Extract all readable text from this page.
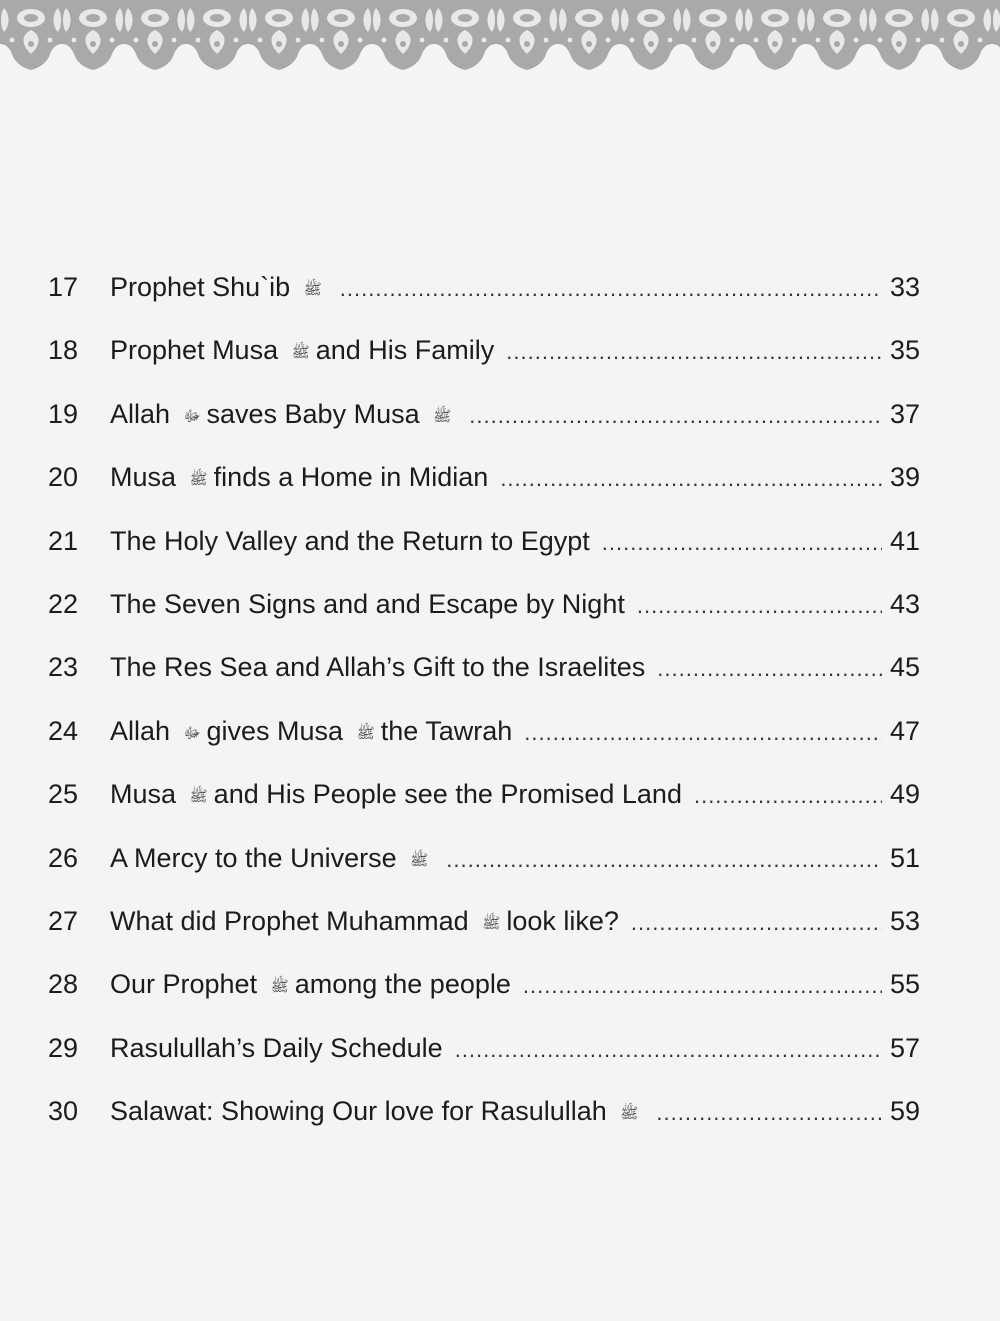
17	Prophet Shu`ib ﷺ .....	33
18	Prophet Musa ﷺ and His Family .....	35
19	Allah ﷻ saves Baby Musa ﷺ .....	37
20	Musa ﷺ finds a Home in Midian .....	39
21	The Holy Valley and the Return to Egypt .....	41
22	The Seven Signs and and Escape by Night .....	43
23	The Res Sea and Allah’s Gift to the Israelites .....	45
24	Allah ﷻ gives Musa ﷺ the Tawrah .....	47
25	Musa ﷺ and His People see the Promised Land .....	49
26	A Mercy to the Universe ﷺ .....	51
27	What did Prophet Muhammad ﷺ look like? .....	53
28	Our Prophet ﷺ among the people .....	55
29	Rasulullah’s Daily Schedule .....	57
30	Salawat: Showing Our love for Rasulullah ﷺ .....	59
